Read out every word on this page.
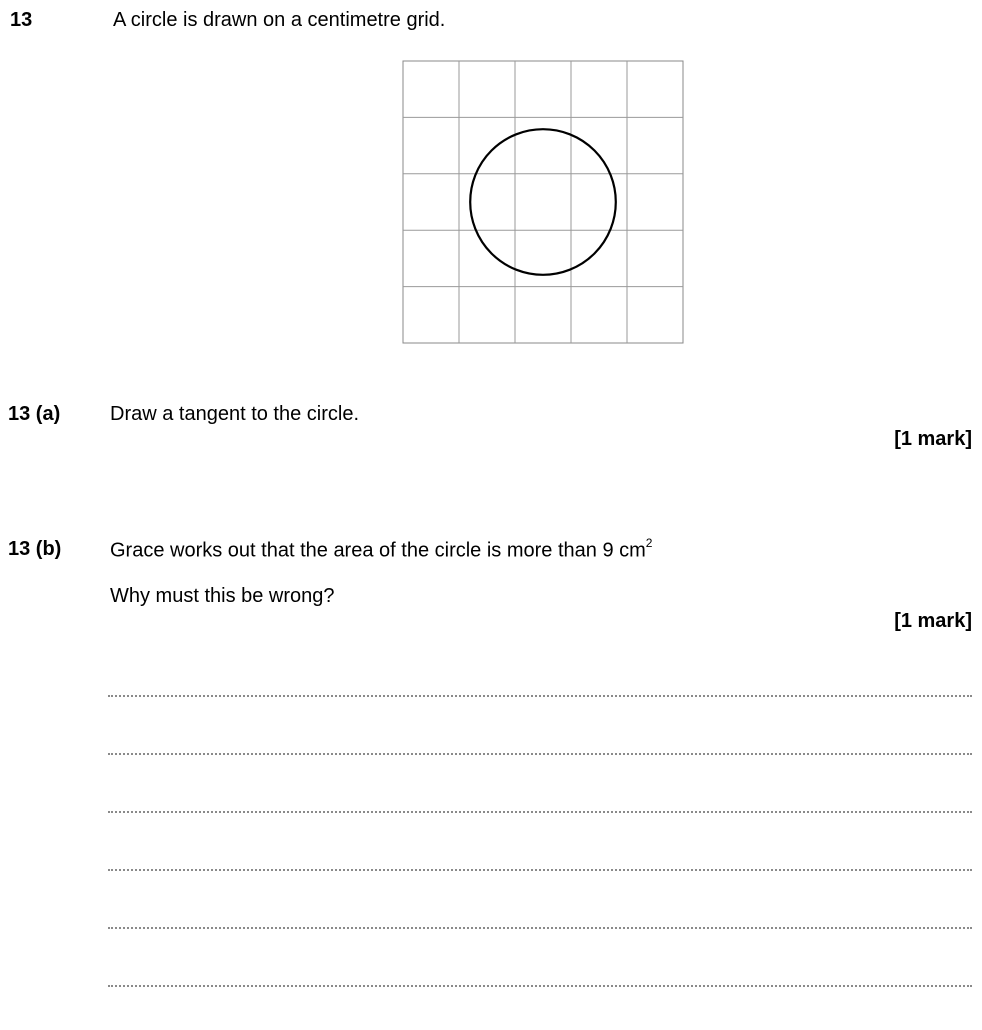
13	A circle is drawn on a centimetre grid.
13 (a) Draw a tangent to the circle.
[1 mark]
13 (b) Grace works out that the area of the circle is more than 9 $cm^2$
Why must this be wrong?
[1 mark]
